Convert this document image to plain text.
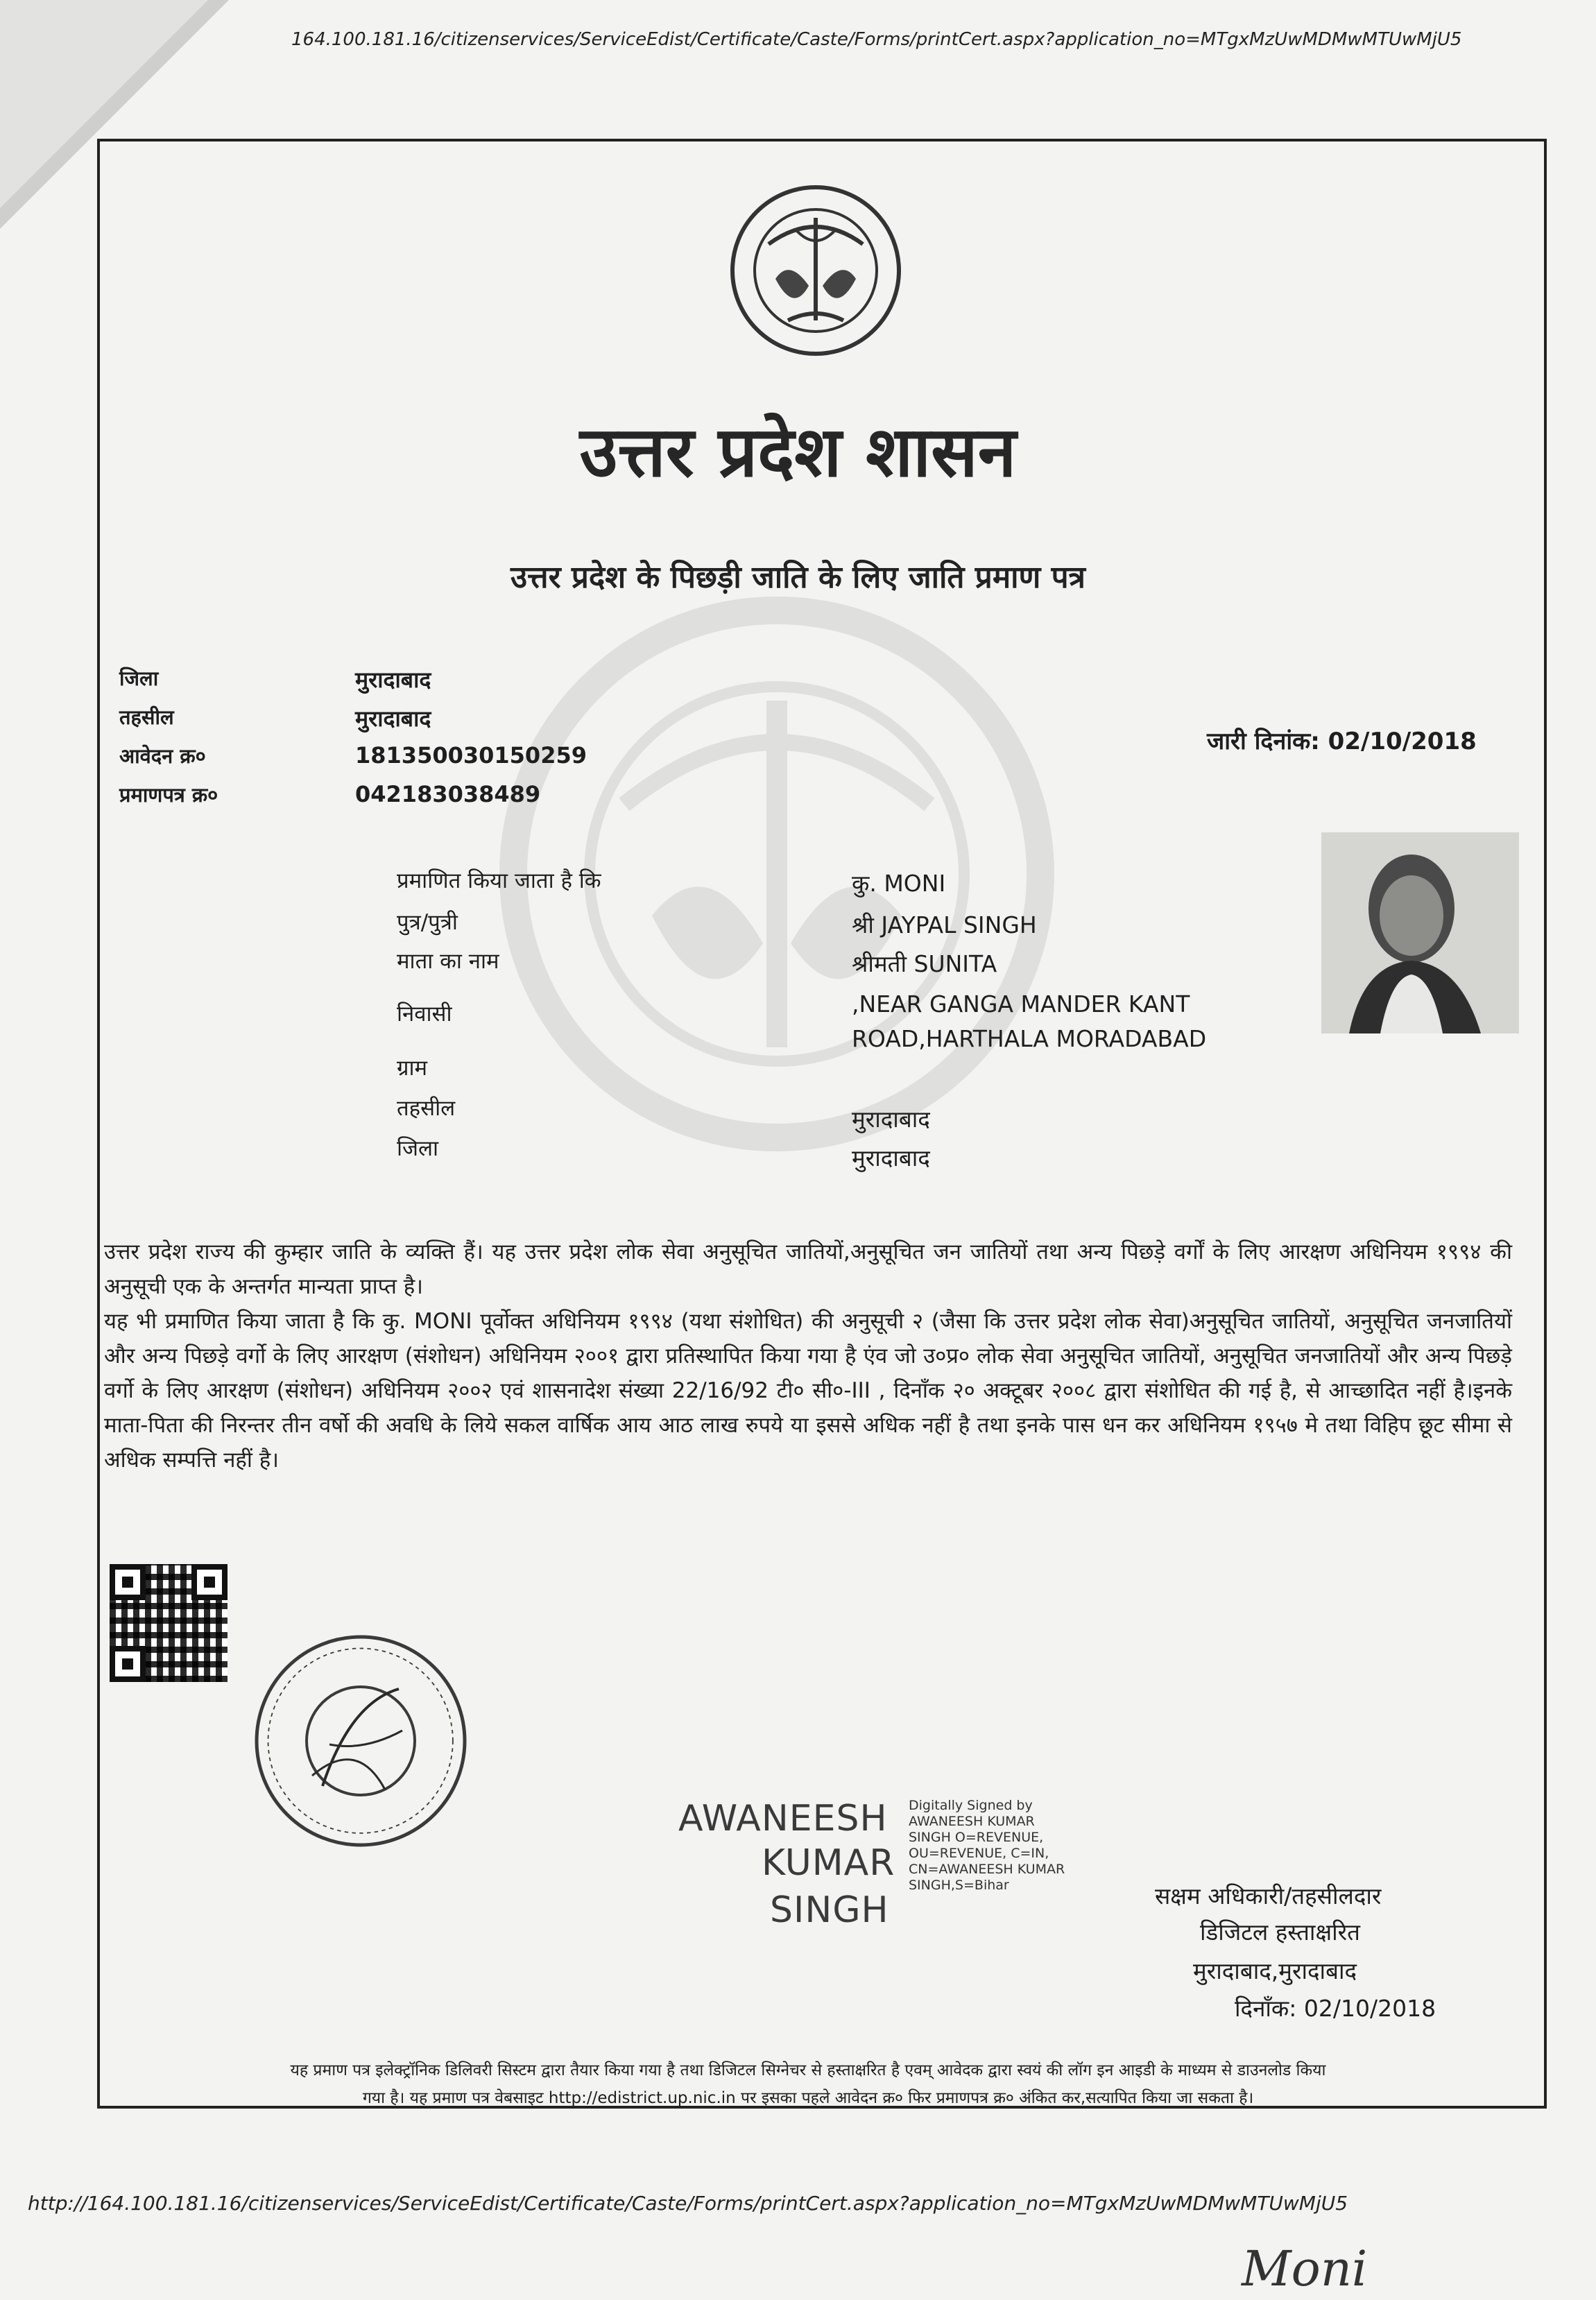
164.100.181.16/citizenservices/ServiceEdist/Certificate/Caste/Forms/printCert.aspx?application_no=MTgxMzUwMDMwMTUwMjU5
उत्तर प्रदेश शासन
उत्तर प्रदेश के पिछड़ी जाति के लिए जाति प्रमाण पत्र
जिला	मुरादाबाद
तहसील	मुरादाबाद
आवेदन क्र०	181350030150259
प्रमाणपत्र क्र०	042183038489
जारी दिनांक: 02/10/2018
प्रमाणित किया जाता है कि	कु. MONI
पुत्र/पुत्री	श्री JAYPAL SINGH
माता का नाम	श्रीमती SUNITA
निवासी	,NEAR GANGA MANDER KANT
ROAD,HARTHALA MORADABAD
ग्राम
तहसील	मुरादाबाद
जिला	मुरादाबाद

उत्तर प्रदेश राज्य की कुम्हार जाति के व्यक्ति हैं। यह उत्तर प्रदेश लोक सेवा अनुसूचित जातियों,अनुसूचित जन जातियों तथा अन्य पिछड़े वर्गों के लिए आरक्षण अधिनियम १९९४ की अनुसूची एक के अन्तर्गत मान्यता प्राप्त है।

यह भी प्रमाणित किया जाता है कि कु. MONI पूर्वोक्त अधिनियम १९९४ (यथा संशोधित) की अनुसूची २ (जैसा कि उत्तर प्रदेश लोक सेवा)अनुसूचित जातियों, अनुसूचित जनजातियों और अन्य पिछड़े वर्गो के लिए आरक्षण (संशोधन) अधिनियम २००१ द्वारा प्रतिस्थापित किया गया है एंव जो उ०प्र० लोक सेवा अनुसूचित जातियों, अनुसूचित जनजातियों और अन्य पिछड़े वर्गो के लिए आरक्षण (संशोधन) अधिनियम २००२ एवं शासनादेश संख्या 22/16/92 टी० सी०-III , दिनाँक २० अक्टूबर २००८ द्वारा संशोधित की गई है, से आच्छादित नहीं है।इनके माता-पिता की निरन्तर तीन वर्षो की अवधि के लिये सकल वार्षिक आय आठ लाख रुपये या इससे अधिक नहीं है तथा इनके पास धन कर अधिनियम १९५७ मे तथा विहिप छूट सीमा से अधिक सम्पत्ति नहीं है।

AWANEESH
KUMAR
SINGH
Digitally Signed by
AWANEESH KUMAR
SINGH O=REVENUE,
OU=REVENUE, C=IN,
CN=AWANEESH KUMAR
SINGH,S=Bihar	सक्षम अधिकारी/तहसीलदार
डिजिटल हस्ताक्षरित
मुरादाबाद,मुरादाबाद
दिनाँक: 02/10/2018
यह प्रमाण पत्र इलेक्ट्रॉनिक डिलिवरी सिस्टम द्वारा तैयार किया गया है तथा डिजिटल सिग्नेचर से हस्ताक्षरित है एवम् आवेदक द्वारा स्वयं की लॉग इन आइडी के माध्यम से डाउनलोड किया
गया है। यह प्रमाण पत्र वेबसाइट http://edistrict.up.nic.in पर इसका पहले आवेदन क्र० फिर प्रमाणपत्र क्र० अंकित कर,सत्यापित किया जा सकता है।
http://164.100.181.16/citizenservices/ServiceEdist/Certificate/Caste/Forms/printCert.aspx?application_no=MTgxMzUwMDMwMTUwMjU5
Moni
